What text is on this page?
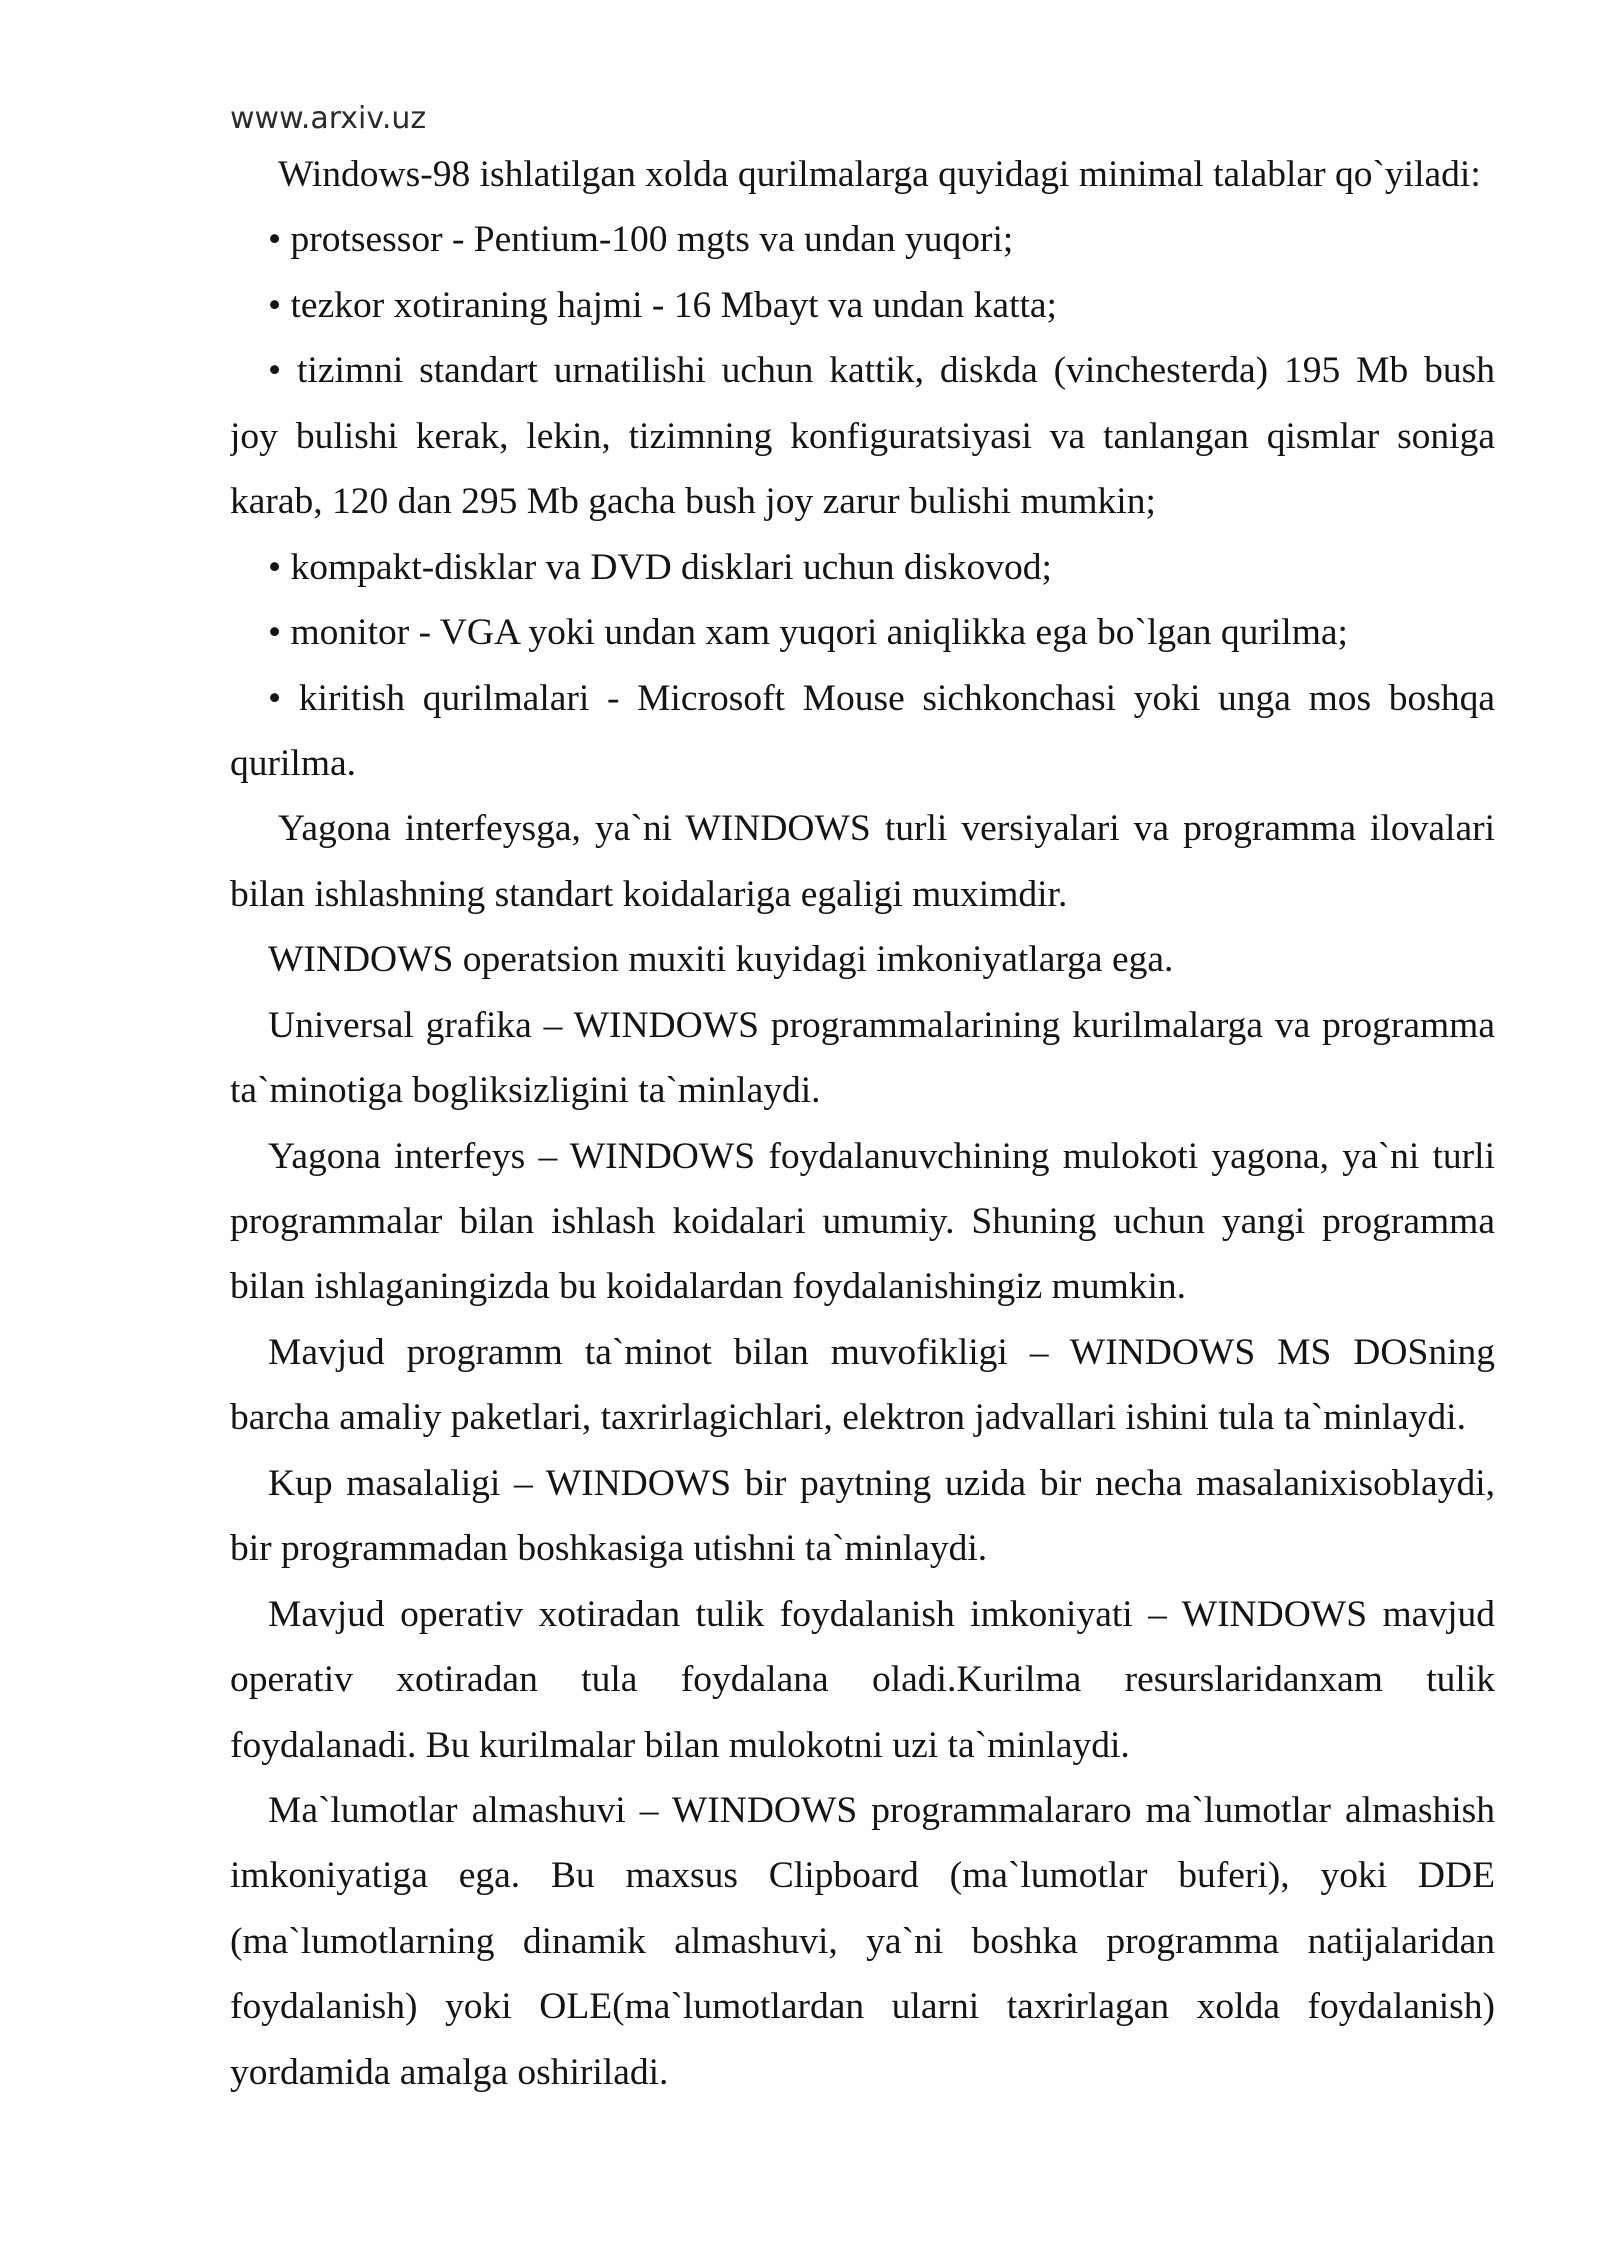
www.arxiv.uz
Windows-98 ishlatilgan xolda qurilmalarga quyidagi minimal talablar qo`yiladi:
• protsessor - Pentium-100 mgts va undan yuqori;
• tezkor xotiraning hajmi - 16 Mbayt va undan katta;
• tizimni standart urnatilishi uchun kattik, diskda (vinchesterda) 195 Mb bush
joy bulishi kerak, lekin, tizimning konfiguratsiyasi va tanlangan qismlar soniga
karab, 120 dan 295 Mb gacha bush joy zarur bulishi mumkin;
• kompakt-disklar va DVD disklari uchun diskovod;
• monitor - VGA yoki undan xam yuqori aniqlikka ega bo`lgan qurilma;
• kiritish qurilmalari - Microsoft Mouse sichkonchasi yoki unga mos boshqa
qurilma.
Yagona interfeysga, ya`ni WINDOWS turli versiyalari va programma ilovalari
bilan ishlashning standart koidalariga egaligi muximdir.
WINDOWS operatsion muxiti kuyidagi imkoniyatlarga ega.
Universal grafika – WINDOWS programmalarining kurilmalarga va programma
ta`minotiga bogliksizligini ta`minlaydi.
Yagona interfeys – WINDOWS foydalanuvchining mulokoti yagona, ya`ni turli
programmalar bilan ishlash koidalari umumiy. Shuning uchun yangi programma
bilan ishlaganingizda bu koidalardan foydalanishingiz mumkin.
Mavjud programm ta`minot bilan muvofikligi – WINDOWS MS DOSning
barcha amaliy paketlari, taxrirlagichlari, elektron jadvallari ishini tula ta`minlaydi.
Kup masalaligi – WINDOWS bir paytning uzida bir necha masalanixisoblaydi,
bir programmadan boshkasiga utishni ta`minlaydi.
Mavjud operativ xotiradan tulik foydalanish imkoniyati – WINDOWS mavjud
operativ xotiradan tula foydalana oladi.Kurilma resurslaridanxam tulik
foydalanadi. Bu kurilmalar bilan mulokotni uzi ta`minlaydi.
Ma`lumotlar almashuvi – WINDOWS programmalararo ma`lumotlar almashish
imkoniyatiga ega. Bu maxsus Clipboard (ma`lumotlar buferi), yoki DDE
(ma`lumotlarning dinamik almashuvi, ya`ni boshka programma natijalaridan
foydalanish) yoki OLE(ma`lumotlardan ularni taxrirlagan xolda foydalanish)
yordamida amalga oshiriladi.
